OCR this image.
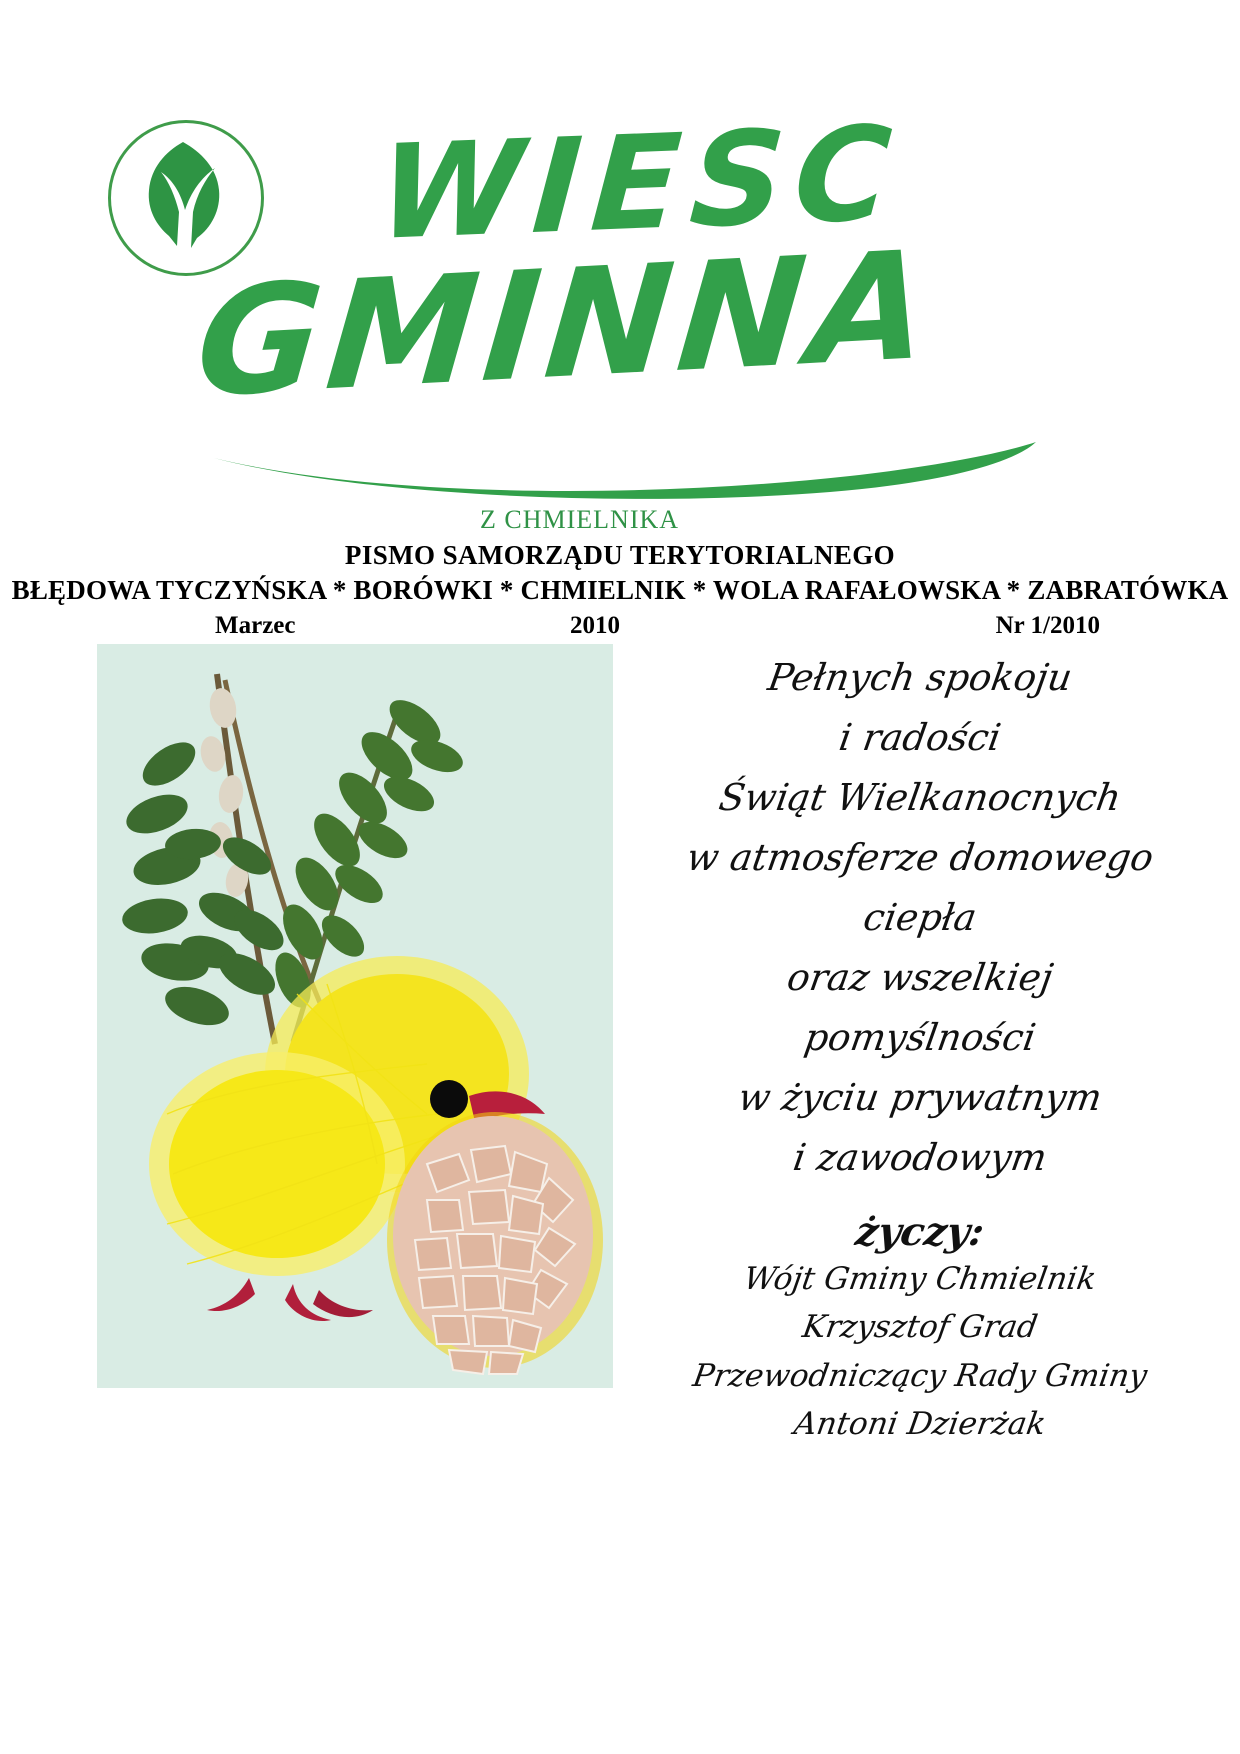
WIESC
GMINNA
Z CHMIELNIKA
PISMO SAMORZĄDU TERYTORIALNEGO
BŁĘDOWA TYCZYŃSKA * BORÓWKI * CHMIELNIK * WOLA RAFAŁOWSKA * ZABRATÓWKA
Marzec	2010	Nr 1/2010
Pełnych spokoju
i radości
Świąt Wielkanocnych
w atmosferze domowego
ciepła
oraz wszelkiej
pomyślności
w życiu prywatnym
i zawodowym
życzy:
Wójt Gminy Chmielnik
Krzysztof Grad
Przewodniczący Rady Gminy
Antoni Dzierżak
